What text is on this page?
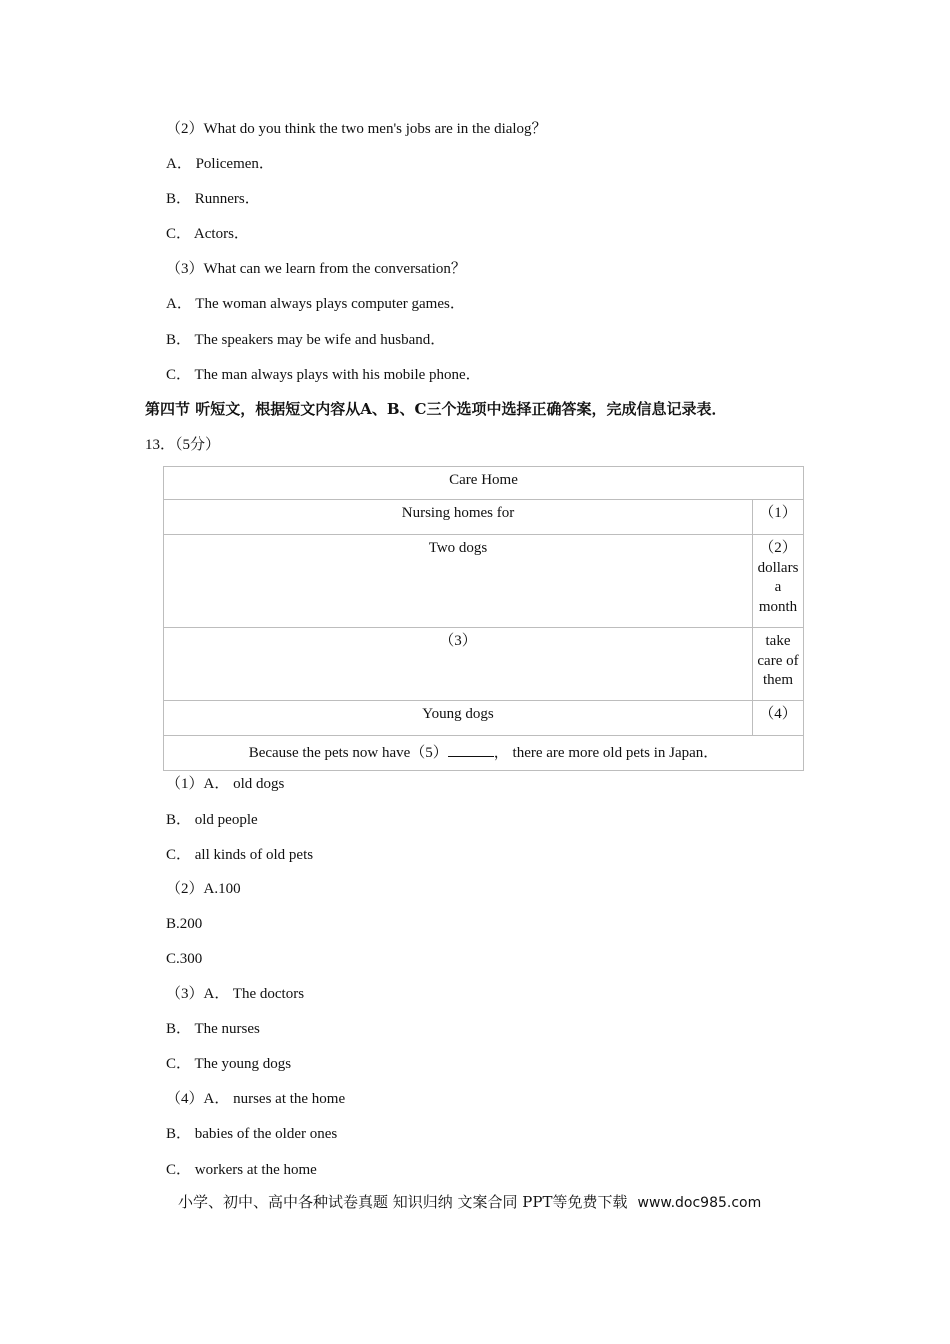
（2）What do you think the two men's jobs are in the dialog？
A． Policemen．
B． Runners．
C． Actors．
（3）What can we learn from the conversation？
A． The woman always plays computer games．
B． The speakers may be wife and husband．
C． The man always plays with his mobile phone．
第四节 听短文，根据短文内容从A、B、C三个选项中选择正确答案，完成信息记录表．
13．（5分）
Care Home	
Nursing homes for	（1）
Two dogs	（2）dollars a month
（3）	take care of them
Young dogs	（4）
Because the pets now have（5） ， there are more old pets in Japan．	
（1）A． old dogs
B． old people
C． all kinds of old pets
（2）A.100
B.200
C.300
（3）A． The doctors
B． The nurses
C． The young dogs
（4）A． nurses at the home
B． babies of the older ones
C． workers at the home
小学、初中、高中各种试卷真题 知识归纳 文案合同 PPT等免费下载 www.doc985.com
